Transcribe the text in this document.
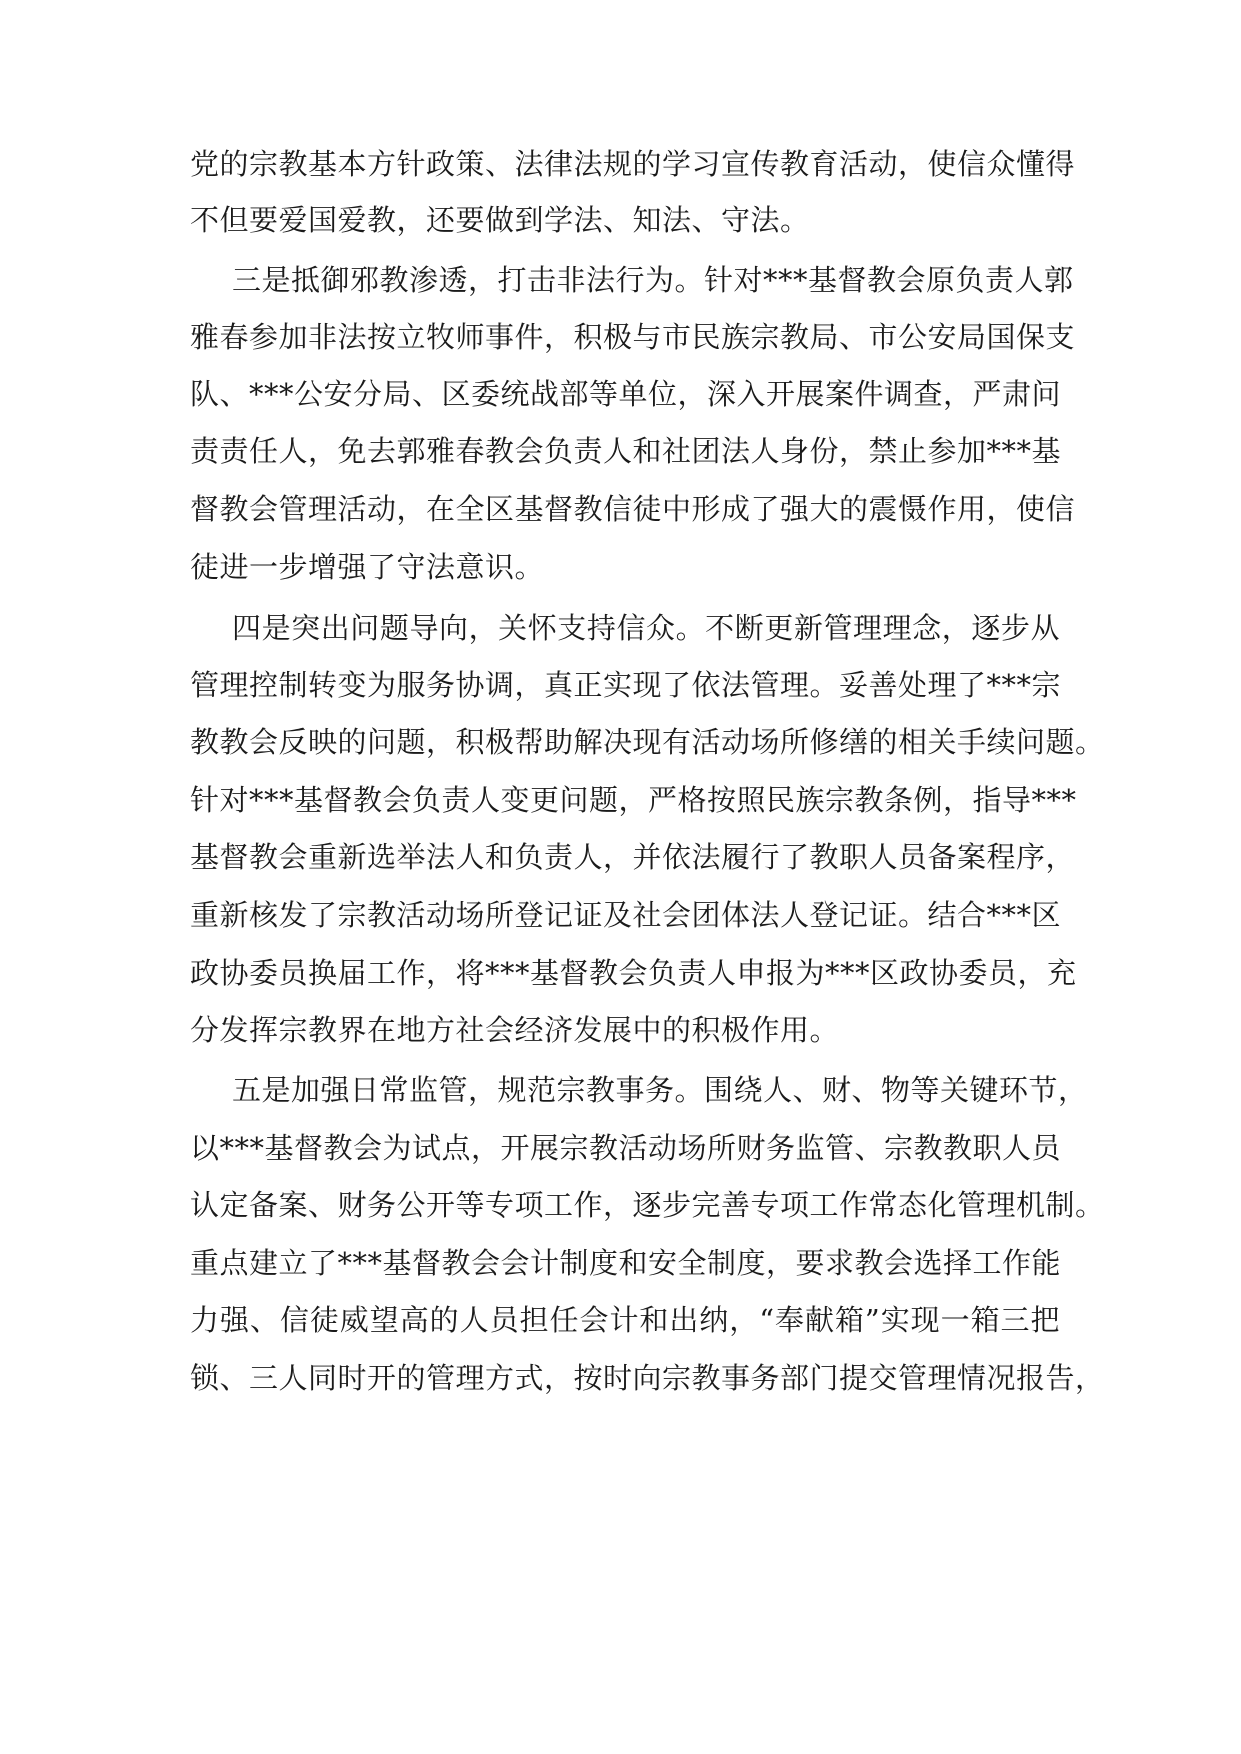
党的宗教基本方针政策、法律法规的学习宣传教育活动，使信众懂得
不但要爱国爱教，还要做到学法、知法、守法。
三是抵御邪教渗透，打击非法行为。针对***基督教会原负责人郭
雅春参加非法按立牧师事件，积极与市民族宗教局、市公安局国保支
队、***公安分局、区委统战部等单位，深入开展案件调查，严肃问
责责任人，免去郭雅春教会负责人和社团法人身份，禁止参加***基
督教会管理活动，在全区基督教信徒中形成了强大的震慑作用，使信
徒进一步增强了守法意识。
四是突出问题导向，关怀支持信众。不断更新管理理念，逐步从
管理控制转变为服务协调，真正实现了依法管理。妥善处理了***宗
教教会反映的问题，积极帮助解决现有活动场所修缮的相关手续问题。
针对***基督教会负责人变更问题，严格按照民族宗教条例，指导***
基督教会重新选举法人和负责人，并依法履行了教职人员备案程序，
重新核发了宗教活动场所登记证及社会团体法人登记证。结合***区
政协委员换届工作，将***基督教会负责人申报为***区政协委员，充
分发挥宗教界在地方社会经济发展中的积极作用。
五是加强日常监管，规范宗教事务。围绕人、财、物等关键环节，
以***基督教会为试点，开展宗教活动场所财务监管、宗教教职人员
认定备案、财务公开等专项工作，逐步完善专项工作常态化管理机制。
重点建立了***基督教会会计制度和安全制度，要求教会选择工作能
力强、信徒威望高的人员担任会计和出纳，“奉献箱”实现一箱三把
锁、三人同时开的管理方式，按时向宗教事务部门提交管理情况报告，
